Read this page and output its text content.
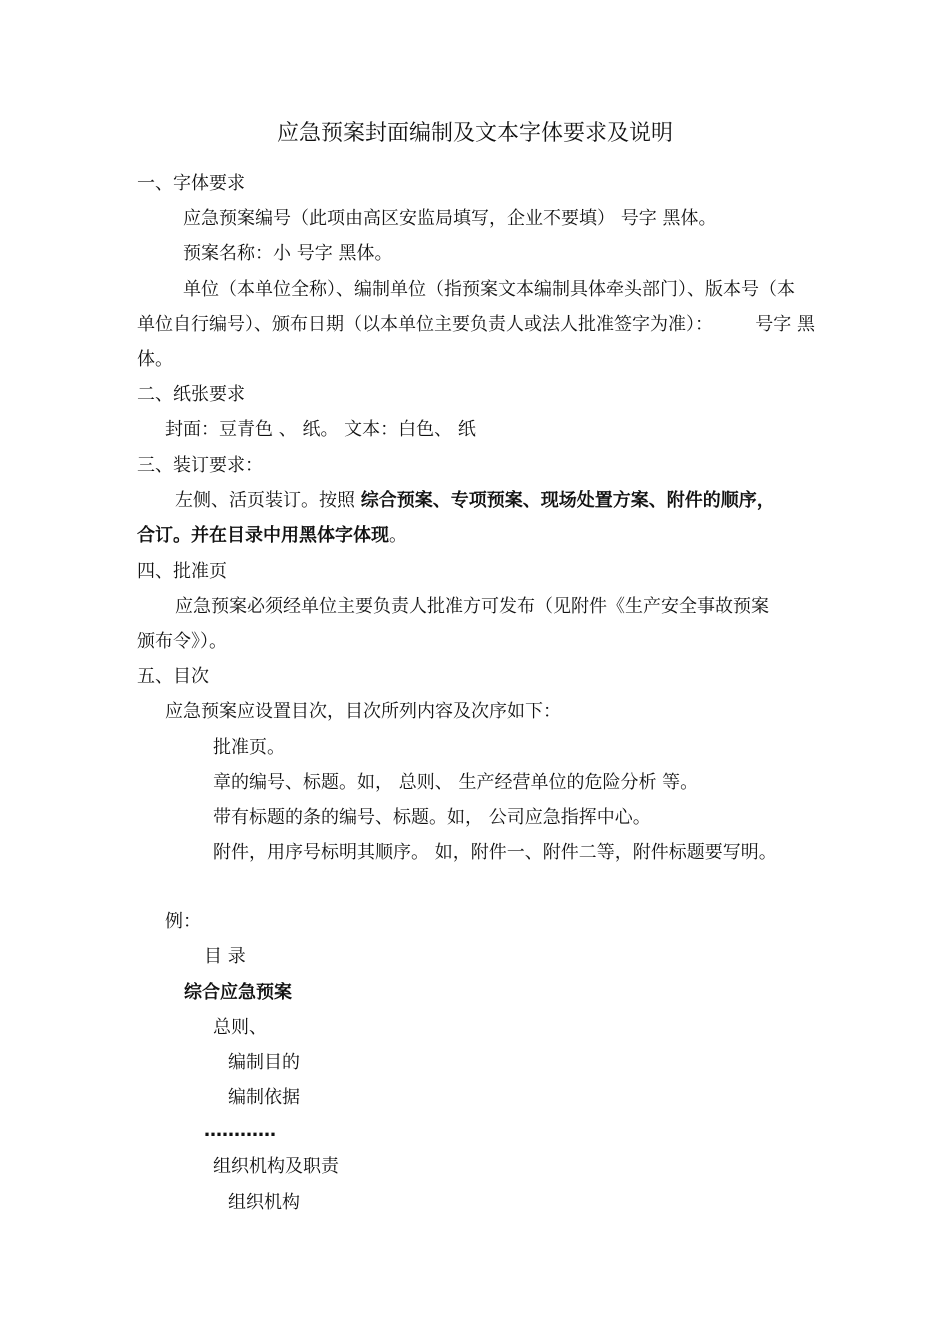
应急预案封面编制及文本字体要求及说明
一、字体要求
应急预案编号（此项由高区安监局填写，企业不要填） 号字 黑体。
预案名称：小 号字 黑体。
单位（本单位全称）、编制单位（指预案文本编制具体牵头部门）、版本号（本
单位自行编号）、颁布日期（以本单位主要负责人或法人批准签字为准）： 号字 黑
体。
二、纸张要求
封面：豆青色 、 纸。 文本：白色、 纸
三、装订要求：
左侧、活页装订。按照 综合预案、专项预案、现场处置方案、附件的顺序，
合订。并在目录中用黑体字体现。
四、批准页
应急预案必须经单位主要负责人批准方可发布（见附件《生产安全事故预案
颁布令》）。
五、目次
应急预案应设置目次，目次所列内容及次序如下：
批准页。
章的编号、标题。如， 总则、 生产经营单位的危险分析 等。
带有标题的条的编号、标题。如， 公司应急指挥中心。
附件，用序号标明其顺序。 如，附件一、附件二等，附件标题要写明。
例：
目 录
综合应急预案
总则、
编制目的
编制依据
…………
组织机构及职责
组织机构
